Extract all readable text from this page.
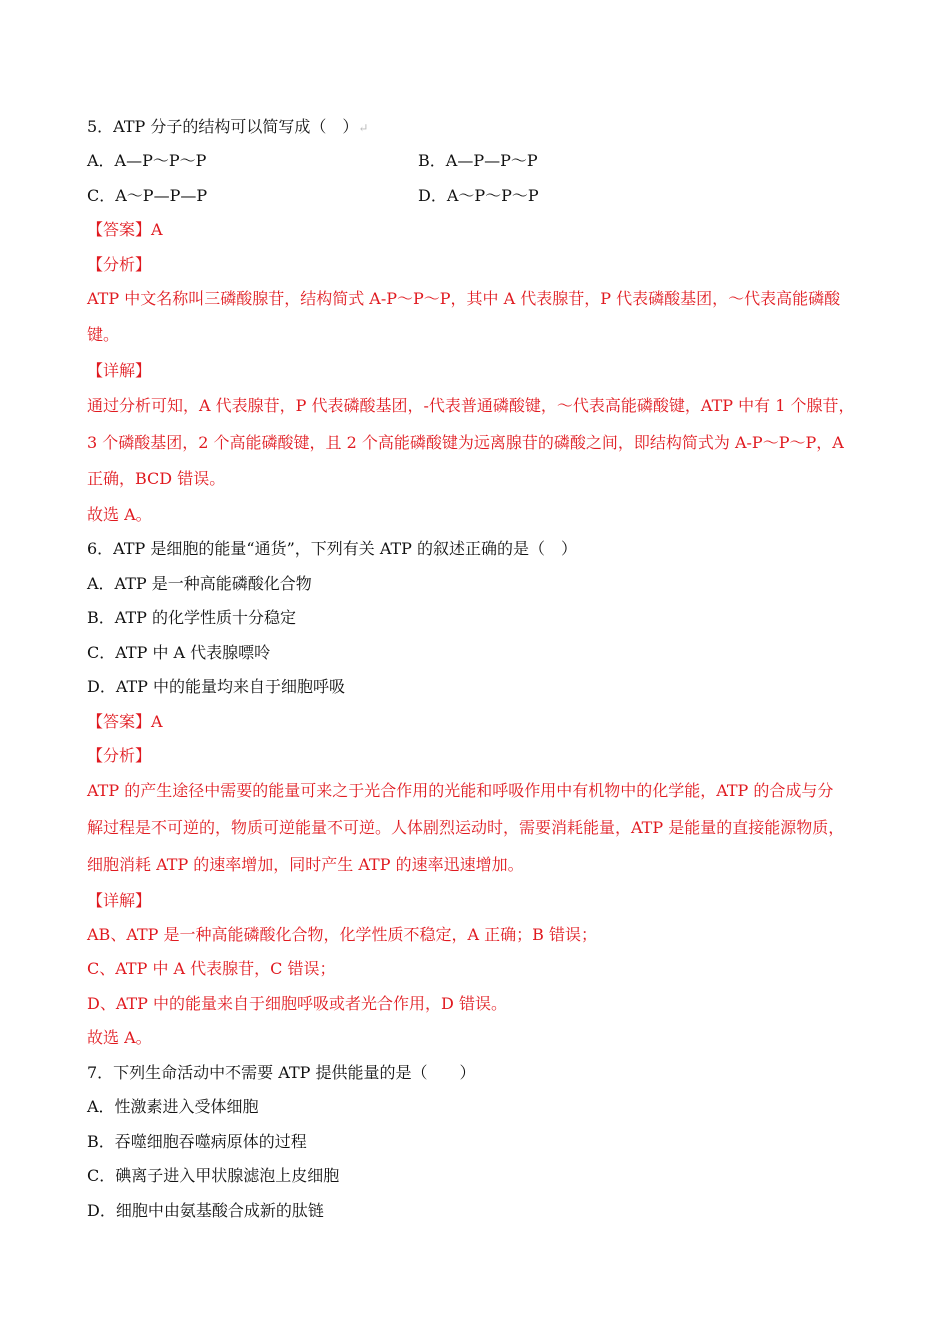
5．ATP 分子的结构可以简写成（　）↵
A．A—P～P～P	B．A—P—P～P
C．A～P—P—P	D．A～P～P～P
【答案】A
【分析】
ATP 中文名称叫三磷酸腺苷，结构简式 A-P～P～P，其中 A 代表腺苷，P 代表磷酸基团，～代表高能磷酸
键。
【详解】
通过分析可知，A 代表腺苷，P 代表磷酸基团，-代表普通磷酸键，～代表高能磷酸键，ATP 中有 1 个腺苷，
3 个磷酸基团，2 个高能磷酸键，且 2 个高能磷酸键为远离腺苷的磷酸之间，即结构简式为 A-P～P～P，A
正确，BCD 错误。
故选 A。
6．ATP 是细胞的能量“通货”，下列有关 ATP 的叙述正确的是（　）
A．ATP 是一种高能磷酸化合物
B．ATP 的化学性质十分稳定
C．ATP 中 A 代表腺嘌呤
D．ATP 中的能量均来自于细胞呼吸
【答案】A
【分析】
ATP 的产生途径中需要的能量可来之于光合作用的光能和呼吸作用中有机物中的化学能，ATP 的合成与分
解过程是不可逆的，物质可逆能量不可逆。人体剧烈运动时，需要消耗能量，ATP 是能量的直接能源物质，
细胞消耗 ATP 的速率增加，同时产生 ATP 的速率迅速增加。
【详解】
AB、ATP 是一种高能磷酸化合物，化学性质不稳定，A 正确；B 错误；
C、ATP 中 A 代表腺苷，C 错误；
D、ATP 中的能量来自于细胞呼吸或者光合作用，D 错误。
故选 A。
7．下列生命活动中不需要 ATP 提供能量的是（　　）
A．性激素进入受体细胞
B．吞噬细胞吞噬病原体的过程
C．碘离子进入甲状腺滤泡上皮细胞
D．细胞中由氨基酸合成新的肽链
